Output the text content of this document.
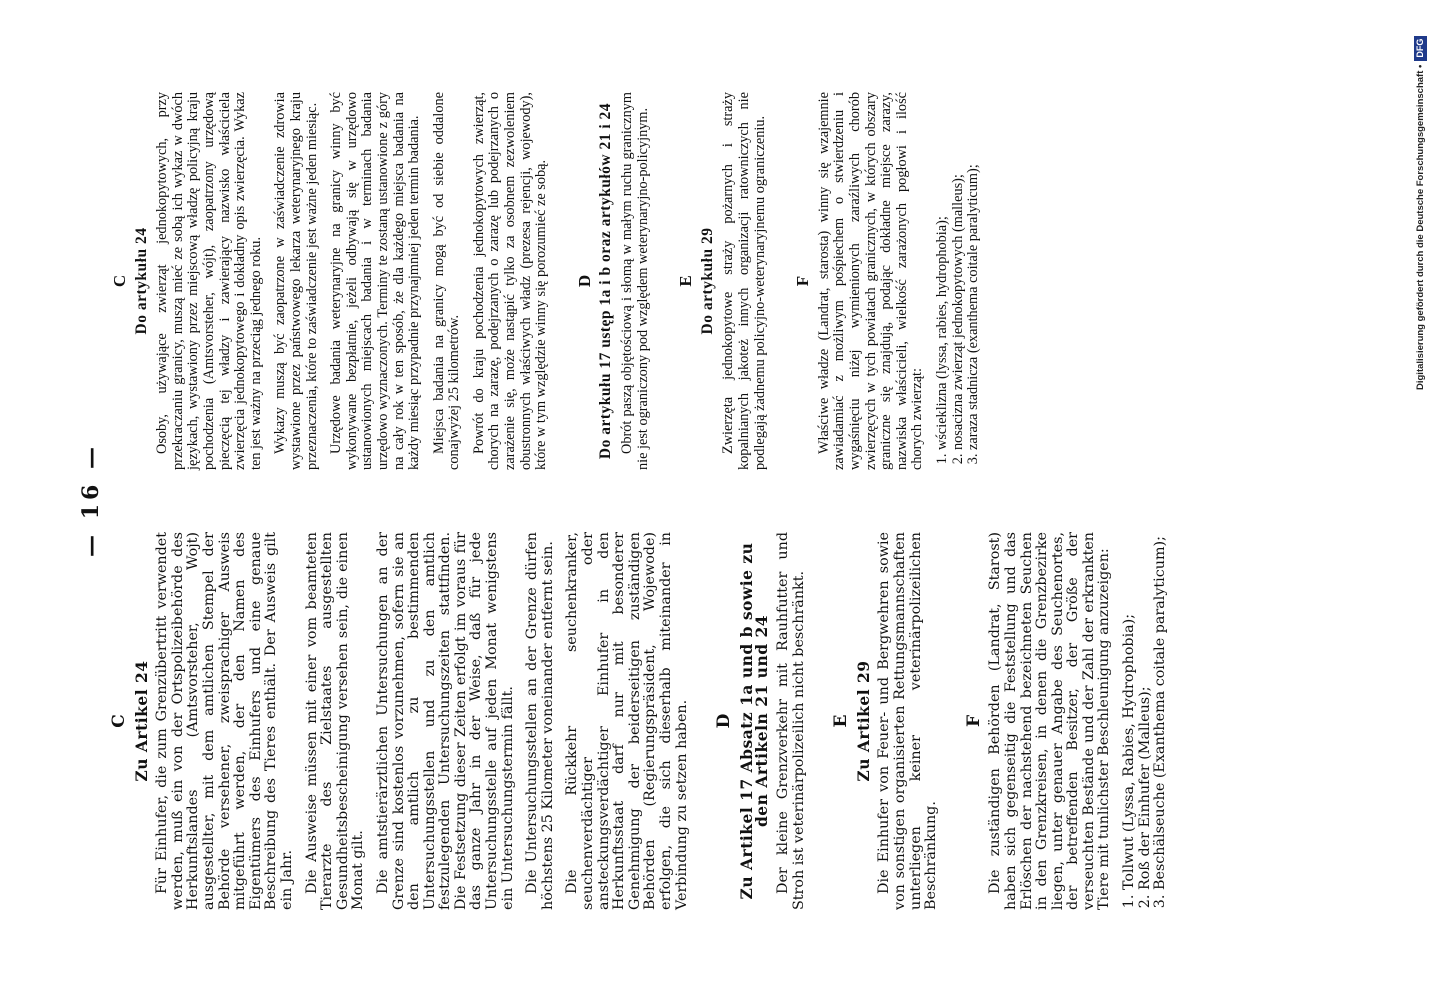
— 16 —
C Zu Artikel 24 Für Einhufer, die zum Grenzübertritt verwendet werden, muß ein von der Ortspolizeibehörde des Herkunftslandes (Amtsvorsteher, Wojt) ausgestellter, mit dem amtlichen Stempel der Behörde versehener, zweisprachiger Ausweis mitgeführt werden, der den Namen des Eigentümers des Einhufers und eine genaue Beschreibung des Tieres enthält. Der Ausweis gilt ein Jahr. Die Ausweise müssen mit einer vom beamteten Tierarzte des Zielstaates ausgestellten Gesundheitsbescheinigung versehen sein, die einen Monat gilt. Die amtstierärztlichen Untersuchungen an der Grenze sind kostenlos vorzunehmen, sofern sie an den amtlich zu bestimmenden Untersuchungsstellen und zu den amtlich festzulegenden Untersuchungszeiten stattfinden. Die Festsetzung dieser Zeiten erfolgt im voraus für das ganze Jahr in der Weise, daß für jede Untersuchungsstelle auf jeden Monat wenigstens ein Untersuchungstermin fällt. Die Untersuchungsstellen an der Grenze dürfen höchstens 25 Kilometer voneinander entfernt sein. Die Rückkehr seuchenkranker, seuchenverdächtiger oder ansteckungsverdächtiger Einhufer in den Herkunftsstaat darf nur mit besonderer Genehmigung der beiderseitigen zuständigen Behörden (Regierungspräsident, Wojewode) erfolgen, die sich dieserhalb miteinander in Verbindung zu setzen haben. D Zu Artikel 17 Absatz 1a und b sowie zu den Artikeln 21 und 24 Der kleine Grenzverkehr mit Rauhfutter und Stroh ist veterinärpolizeilich nicht beschränkt. E Zu Artikel 29 Die Einhufer von Feuer- und Bergwehren sowie von sonstigen organisierten Rettungsmannschaften unterliegen keiner veterinärpolizeilichen Beschränkung.

F Die zuständigen Behörden (Landrat, Starost) haben sich gegenseitig die Feststellung und das Erlöschen der nachstehend bezeichneten Seuchen in den Grenzkreisen, in denen die Grenzbezirke liegen, unter genauer Angabe des Seuchenortes, der betreffenden Besitzer, der Größe der verseuchten Bestände und der Zahl der erkrankten Tiere mit tunlichster Beschleunigung anzuzeigen: 1. Tollwut (Lyssa, Rabies, Hydrophobia); 2. Roß der Einhufer (Malleus); 3. Beschälseuche (Exanthema coitale paralyticum);
C Do artykułu 24 Osoby, używające zwierząt jednokopytowych, przy przekraczaniu granicy, muszą mieć ze sobą ich wykaz w dwóch językach, wystawiony przez miejscową władzę policyjną kraju pochodzenia (Amtsvorsteher, wójt), zaopatrzony urzędową pieczęcią tej władzy i zawierający nazwisko właściciela zwierzęcia jednokopytowego i dokładny opis zwierzęcia. Wykaz ten jest ważny na przeciąg jednego roku. Wykazy muszą być zaopatrzone w zaświadczenie zdrowia wystawione przez państwowego lekarza weterynaryjnego kraju przeznaczenia, które to zaświadczenie jest ważne jeden miesiąc. Urzędowe badania weterynaryjne na granicy winny być wykonywane bezpłatnie, jeżeli odbywają się w urzędowo ustanowionych miejscach badania i w terminach badania urzędowo wyznaczonych. Terminy te zostaną ustanowione z góry na cały rok w ten sposób, że dla każdego miejsca badania na każdy miesiąc przypadnie przynajmniej jeden termin badania. Miejsca badania na granicy mogą być od siebie oddalone conajwyżej 25 kilometrów. Powrót do kraju pochodzenia jednokopytowych zwierząt, chorych na zarazę, podejrzanych o zarazę lub podejrzanych o zarażenie się, może nastąpić tylko za osobnem zezwoleniem obustronnych właściwych władz (prezesa rejencji, wojewody), które w tym względzie winny się porozumieć ze sobą. D Do artykułu 17 ustęp 1a i b oraz artykułów 21 i 24 Obrót paszą objętościową i słomą w małym ruchu granicznym nie jest ograniczony pod względem weterynaryjno-policyjnym. E Do artykułu 29 Zwierzęta jednokopytowe straży pożarnych i straży kopalnianych jakoteż innych organizacji ratowniczych nie podlegają żadnemu policyjno-weterynaryjnemu ograniczeniu. F Właściwe władze (Landrat, starosta) winny się wzajemnie zawiadamiać z możliwym pośpiechem o stwierdzeniu i wygaśnięciu niżej wymienionych zaraźliwych chorób zwierzęcych w tych powiatach granicznych, w których obszary graniczne się znajdują, podając dokładne miejsce zarazy, nazwiska właścicieli, wielkość zarażonych pogłowi i ilość chorych zwierząt: 1. wścieklizna (lyssa, rabies, hydrophobia); 2. nosacizna zwierząt jednokopytowych (malleus); 3. zaraza stadnicza (exanthema coitale paralyticum);	Digitalisierung gefördert durch die Deutsche Forschungsgemeinschaft •DFG
